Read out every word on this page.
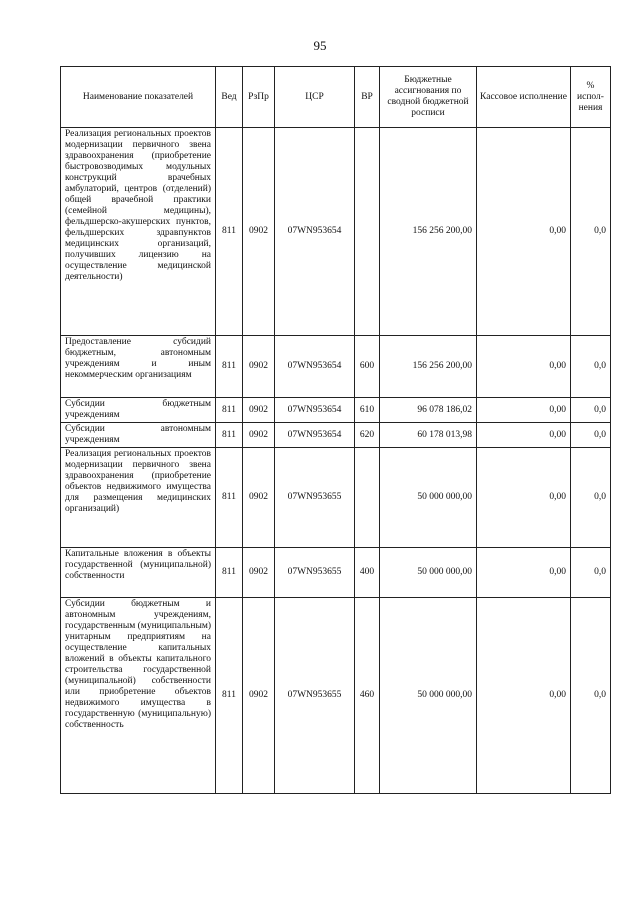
95
Наименование показателей	Вед	РзПр	ЦСР	ВР	Бюджетные ассигнования по сводной бюджетной росписи	Кассовое исполнение	% испол-нения
Реализация региональных проектов модернизации первичного звена здравоохранения (приобретение быстровозводимых модульных конструкций врачебных амбулаторий, центров (отделений) общей врачебной практики (семейной медицины), фельдшерско-акушерских пунктов, фельдшерских здравпунктов медицинских организаций, получивших лицензию на осуществление медицинской деятельности)	811	0902	07WN953654		156 256 200,00	0,00	0,0
Предоставление субсидий бюджетным, автономным учреждениям и иным некоммерческим организациям	811	0902	07WN953654	600	156 256 200,00	0,00	0,0
Субсидии бюджетным учреждениям	811	0902	07WN953654	610	96 078 186,02	0,00	0,0
Субсидии автономным учреждениям	811	0902	07WN953654	620	60 178 013,98	0,00	0,0
Реализация региональных проектов модернизации первичного звена здравоохранения (приобретение объектов недвижимого имущества для размещения медицинских организаций)	811	0902	07WN953655		50 000 000,00	0,00	0,0
Капитальные вложения в объекты государственной (муниципальной) собственности	811	0902	07WN953655	400	50 000 000,00	0,00	0,0
Субсидии бюджетным и автономным учреждениям, государственным (муниципальным) унитарным предприятиям на осуществление капитальных вложений в объекты капитального строительства государственной (муниципальной) собственности или приобретение объектов недвижимого имущества в государственную (муниципальную) собственность	811	0902	07WN953655	460	50 000 000,00	0,00	0,0
